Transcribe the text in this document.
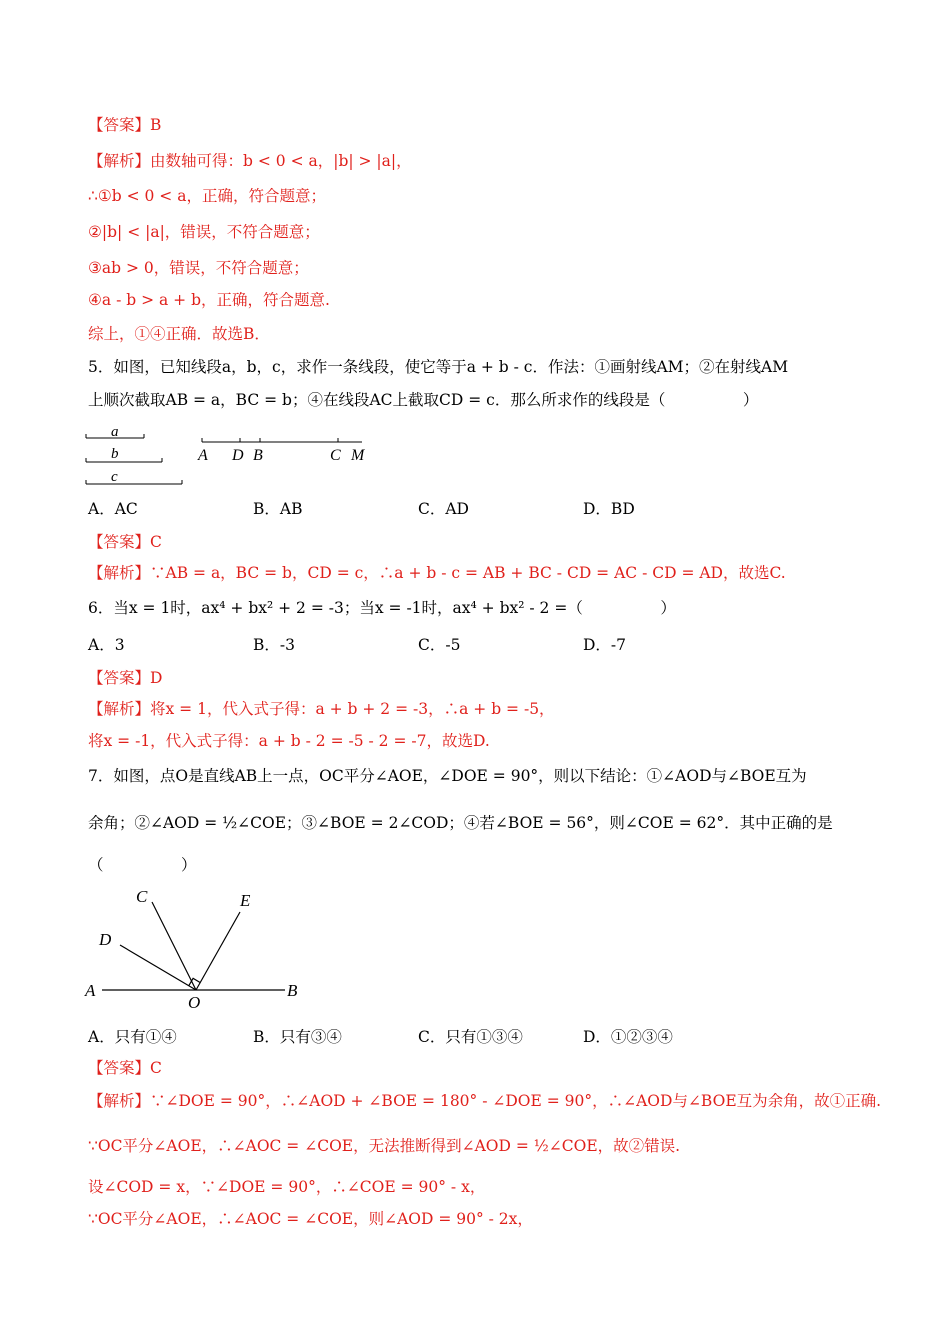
【答案】B
【解析】由数轴可得：b < 0 < a，|b| > |a|，
∴①b < 0 < a，正确，符合题意；
②|b| < |a|，错误，不符合题意；
③ab > 0，错误，不符合题意；
④a - b > a + b，正确，符合题意.
综上，①④正确．故选B．
5．如图，已知线段a，b，c，求作一条线段，使它等于a + b - c．作法：①画射线AM；②在射线AM
上顺次截取AB = a，BC = b；④在线段AC上截取CD = c．那么所求作的线段是（　　　　　）
a
b
c
A D B	C M
A．AC	B．AB	C．AD	D．BD
【答案】C
【解析】∵AB = a，BC = b，CD = c，∴a + b - c = AB + BC - CD = AC - CD = AD，故选C.
6．当x = 1时，ax⁴ + bx² + 2 = -3；当x = -1时，ax⁴ + bx² - 2 =（　　　　　）
A．3	B．-3	C．-5	D．-7
【答案】D
【解析】将x = 1，代入式子得：a + b + 2 = -3，∴a + b = -5，
将x = -1，代入式子得：a + b - 2 = -5 - 2 = -7，故选D.
7．如图，点O是直线AB上一点，OC平分∠AOE，∠DOE = 90°，则以下结论：①∠AOD与∠BOE互为
余角；②∠AOD = ½∠COE；③∠BOE = 2∠COD；④若∠BOE = 56°，则∠COE = 62°．其中正确的是
（　　　　　）
C	E
D
A
O
B
A．只有①④	B．只有③④	C．只有①③④	D．①②③④
【答案】C
【解析】∵∠DOE = 90°，∴∠AOD + ∠BOE = 180° - ∠DOE = 90°，∴∠AOD与∠BOE互为余角，故①正确.
∵OC平分∠AOE，∴∠AOC = ∠COE，无法推断得到∠AOD = ½∠COE，故②错误.
设∠COD = x，∵∠DOE = 90°，∴∠COE = 90° - x，
∵OC平分∠AOE，∴∠AOC = ∠COE，则∠AOD = 90° - 2x，
